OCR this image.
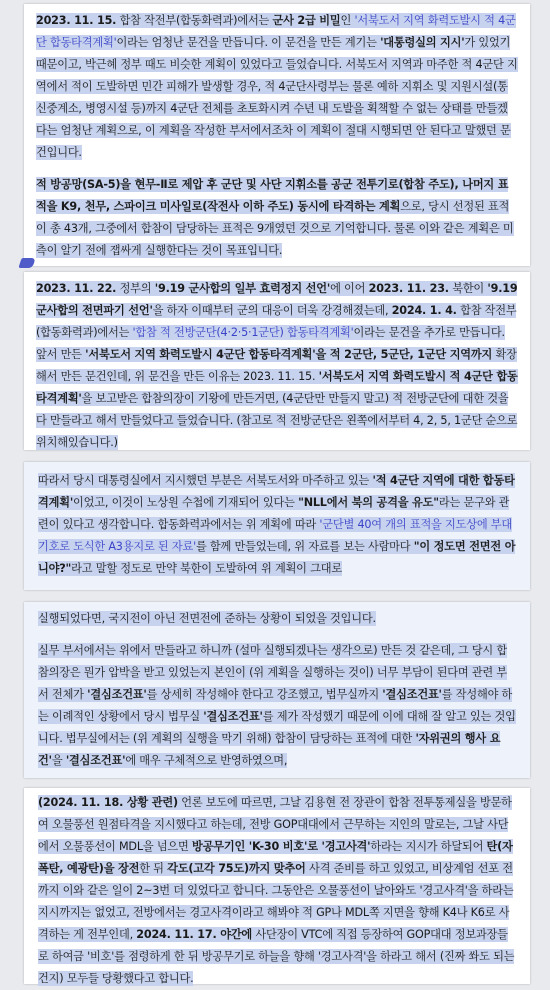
2023. 11. 15. 합참 작전부(합동화력과)에서는 군사 2급 비밀인 '서북도서 지역 화력도발시 적 4군단 합동타격계획'이라는 엄청난 문건을 만듭니다. 이 문건을 만든 계기는 '대통령실의 지시'가 있었기 때문이고, 박근혜 정부 때도 비슷한 계획이 있었다고 들었습니다. 서북도서 지역과 마주한 적 4군단 지역에서 적이 도발하면 민간 피해가 발생할 경우, 적 4군단사령부는 물론 예하 지휘소 및 지원시설(통신중계소, 병영시설 등)까지 4군단 전체를 초토화시켜 수년 내 도발을 획책할 수 없는 상태를 만들겠다는 엄청난 계획으로, 이 계획을 작성한 부서에서조차 이 계획이 절대 시행되면 안 된다고 말했던 문건입니다.

적 방공망(SA-5)을 현무-Ⅱ로 제압 후 군단 및 사단 지휘소를 공군 전투기로(합참 주도), 나머지 표적을 K9, 천무, 스파이크 미사일로(작전사 이하 주도) 동시에 타격하는 계획으로, 당시 선정된 표적이 총 43개, 그중에서 합참이 담당하는 표적은 9개였던 것으로 기억합니다. 물론 이와 같은 계획은 미측이 알기 전에 잽싸게 실행한다는 것이 목표입니다.

2023. 11. 22. 정부의 '9.19 군사합의 일부 효력정지 선언'에 이어 2023. 11. 23. 북한이 '9.19 군사합의 전면파기 선언'을 하자 이때부터 군의 대응이 더욱 강경해졌는데, 2024. 1. 4. 합참 작전부(합동화력과)에서는 '합참 적 전방군단(4·2·5·1군단) 합동타격계획'이라는 문건을 추가로 만듭니다. 앞서 만든 '서북도서 지역 화력도발시 4군단 합동타격계획'을 적 2군단, 5군단, 1군단 지역까지 확장해서 만든 문건인데, 위 문건을 만든 이유는 2023. 11. 15. '서북도서 지역 화력도발시 적 4군단 합동타격계획'을 보고받은 합참의장이 기왕에 만든거면, (4군단만 만들지 말고) 적 전방군단에 대한 것을 다 만들라고 해서 만들었다고 들었습니다. (참고로 적 전방군단은 왼쪽에서부터 4, 2, 5, 1군단 순으로 위치해있습니다.)

따라서 당시 대통령실에서 지시했던 부분은 서북도서와 마주하고 있는 '적 4군단 지역에 대한 합동타격계획'이었고, 이것이 노상원 수첩에 기재되어 있다는 "NLL에서 북의 공격을 유도"라는 문구와 관련이 있다고 생각합니다. 합동화력과에서는 위 계획에 따라 '군단별 40여 개의 표적을 지도상에 부대 기호로 도식한 A3용지로 된 자료'를 함께 만들었는데, 위 자료를 보는 사람마다 "이 정도면 전면전 아니야?"라고 말할 정도로 만약 북한이 도발하여 위 계획이 그대로

실행되었다면, 국지전이 아닌 전면전에 준하는 상황이 되었을 것입니다.

실무 부서에서는 위에서 만들라고 하니까 (설마 실행되겠나는 생각으로) 만든 것 같은데, 그 당시 합참의장은 뭔가 압박을 받고 있었는지 본인이 (위 계획을 실행하는 것이) 너무 부담이 된다며 관련 부서 전체가 '결심조건표'를 상세히 작성해야 한다고 강조했고, 법무실까지 '결심조건표'를 작성해야 하는 이례적인 상황에서 당시 법무실 '결심조건표'를 제가 작성했기 때문에 이에 대해 잘 알고 있는 것입니다. 법무실에서는 (위 계획의 실행을 막기 위해) 합참이 담당하는 표적에 대한 '자위권의 행사 요건'을 '결심조건표'에 매우 구체적으로 반영하였으며,

(2024. 11. 18. 상황 관련) 언론 보도에 따르면, 그날 김용현 전 장관이 합참 전투통제실을 방문하여 오물풍선 원점타격을 지시했다고 하는데, 전방 GOP대대에서 근무하는 지인의 말로는, 그날 사단에서 오물풍선이 MDL을 넘으면 방공무기인 'K-30 비호'로 '경고사격'하라는 지시가 하달되어 탄(자폭탄, 예광탄)을 장전한 뒤 각도(고각 75도)까지 맞추어 사격 준비를 하고 있었고, 비상계엄 선포 전까지 이와 같은 일이 2~3번 더 있었다고 합니다. 그동안은 오물풍선이 날아와도 '경고사격'을 하라는 지시까지는 없었고, 전방에서는 경고사격이라고 해봐야 적 GP나 MDL쪽 지면을 향해 K4나 K6로 사격하는 게 전부인데, 2024. 11. 17. 야간에 사단장이 VTC에 직접 등장하여 GOP대대 정보과장들로 하여금 '비호'를 점령하게 한 뒤 방공무기로 하늘을 향해 '경고사격'을 하라고 해서 (진짜 쏴도 되는 건지) 모두들 당황했다고 합니다.
